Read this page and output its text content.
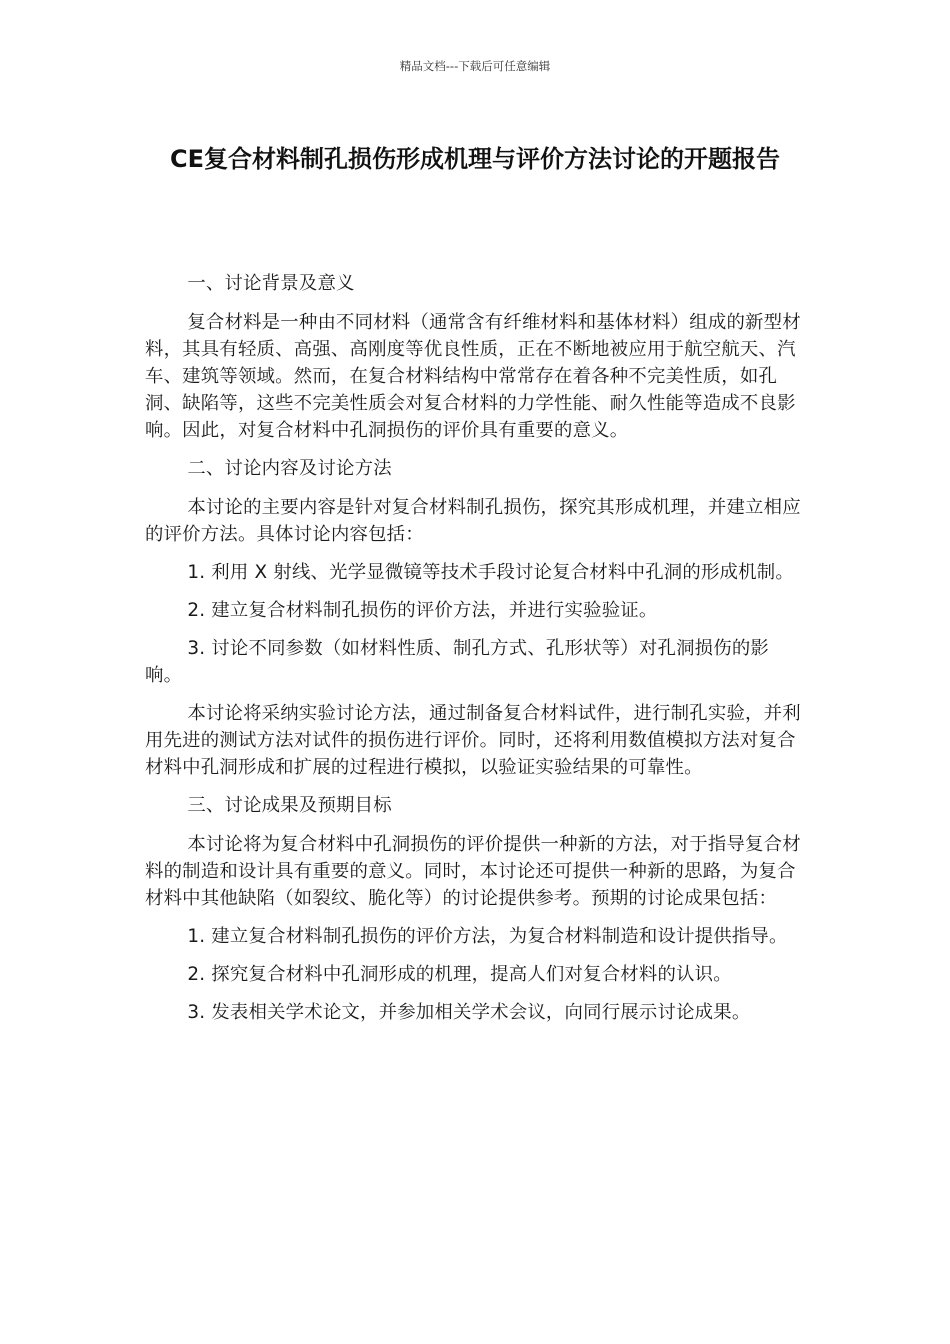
精品文档---下载后可任意编辑
CE复合材料制孔损伤形成机理与评价方法讨论的开题报告

一、讨论背景及意义

复合材料是一种由不同材料（通常含有纤维材料和基体材料）组成的新型材料，其具有轻质、高强、高刚度等优良性质，正在不断地被应用于航空航天、汽车、建筑等领域。然而，在复合材料结构中常常存在着各种不完美性质，如孔洞、缺陷等，这些不完美性质会对复合材料的力学性能、耐久性能等造成不良影响。因此，对复合材料中孔洞损伤的评价具有重要的意义。

二、讨论内容及讨论方法

本讨论的主要内容是针对复合材料制孔损伤，探究其形成机理，并建立相应的评价方法。具体讨论内容包括：

1. 利用 X 射线、光学显微镜等技术手段讨论复合材料中孔洞的形成机制。

2. 建立复合材料制孔损伤的评价方法，并进行实验验证。

3. 讨论不同参数（如材料性质、制孔方式、孔形状等）对孔洞损伤的影响。

本讨论将采纳实验讨论方法，通过制备复合材料试件，进行制孔实验，并利用先进的测试方法对试件的损伤进行评价。同时，还将利用数值模拟方法对复合材料中孔洞形成和扩展的过程进行模拟，以验证实验结果的可靠性。

三、讨论成果及预期目标

本讨论将为复合材料中孔洞损伤的评价提供一种新的方法，对于指导复合材料的制造和设计具有重要的意义。同时，本讨论还可提供一种新的思路，为复合材料中其他缺陷（如裂纹、脆化等）的讨论提供参考。预期的讨论成果包括：

1. 建立复合材料制孔损伤的评价方法，为复合材料制造和设计提供指导。

2. 探究复合材料中孔洞形成的机理，提高人们对复合材料的认识。

3. 发表相关学术论文，并参加相关学术会议，向同行展示讨论成果。
